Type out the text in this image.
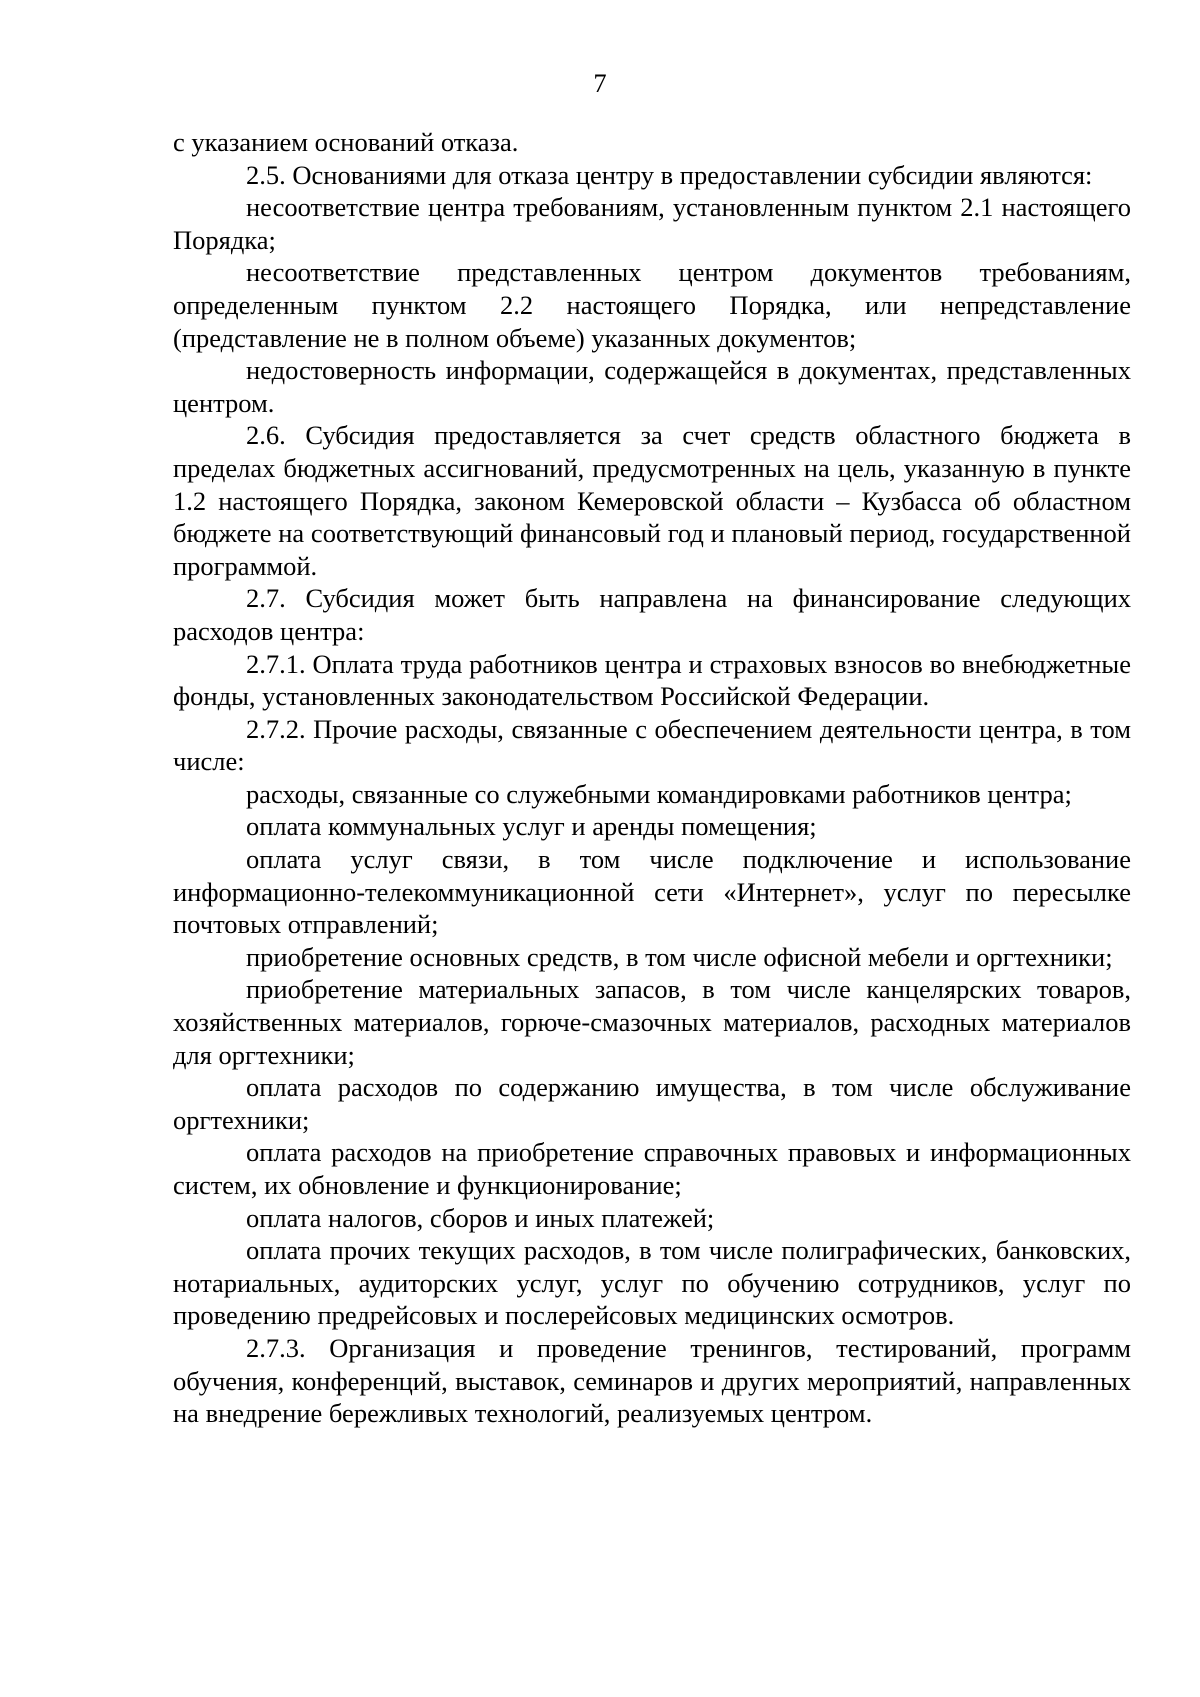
7

с указанием оснований отказа.

2.5. Основаниями для отказа центру в предоставлении субсидии являются:

несоответствие центра требованиям, установленным пунктом 2.1 настоящего Порядка;

несоответствие представленных центром документов требованиям, определенным пунктом 2.2 настоящего Порядка, или непредставление (представление не в полном объеме) указанных документов;

недостоверность информации, содержащейся в документах, представленных центром.

2.6. Субсидия предоставляется за счет средств областного бюджета в пределах бюджетных ассигнований, предусмотренных на цель, указанную в пункте 1.2 настоящего Порядка, законом Кемеровской области – Кузбасса об областном бюджете на соответствующий финансовый год и плановый период, государственной программой.

2.7. Субсидия может быть направлена на финансирование следующих расходов центра:

2.7.1. Оплата труда работников центра и страховых взносов во внебюджетные фонды, установленных законодательством Российской Федерации.

2.7.2. Прочие расходы, связанные с обеспечением деятельности центра, в том числе:

расходы, связанные со служебными командировками работников центра;

оплата коммунальных услуг и аренды помещения;

оплата услуг связи, в том числе подключение и использование информационно-телекоммуникационной сети «Интернет», услуг по пересылке почтовых отправлений;

приобретение основных средств, в том числе офисной мебели и оргтехники;

приобретение материальных запасов, в том числе канцелярских товаров, хозяйственных материалов, горюче-смазочных материалов, расходных материалов для оргтехники;

оплата расходов по содержанию имущества, в том числе обслуживание оргтехники;

оплата расходов на приобретение справочных правовых и информационных систем, их обновление и функционирование;

оплата налогов, сборов и иных платежей;

оплата прочих текущих расходов, в том числе полиграфических, банковских, нотариальных, аудиторских услуг, услуг по обучению сотрудников, услуг по проведению предрейсовых и послерейсовых медицинских осмотров.

2.7.3. Организация и проведение тренингов, тестирований, программ обучения, конференций, выставок, семинаров и других мероприятий, направленных на внедрение бережливых технологий, реализуемых центром.
